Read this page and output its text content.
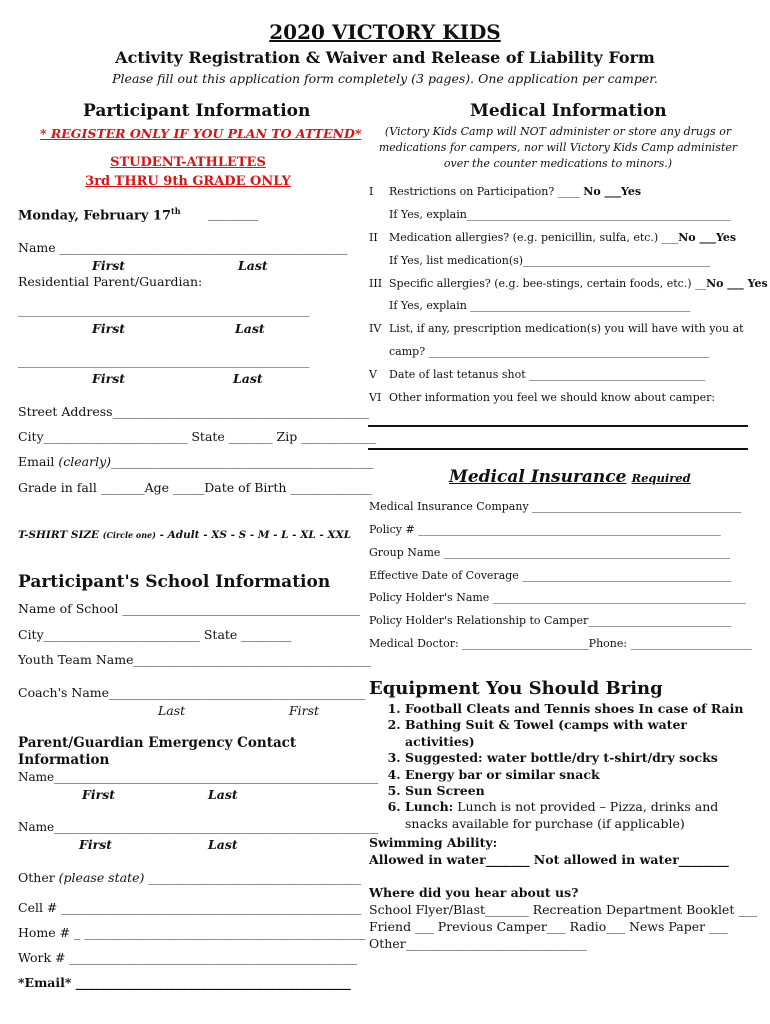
2020 VICTORY KIDS
Activity Registration & Waiver and Release of Liability Form
Please fill out this application form completely (3 pages). One application per camper.
Participant Information
* REGISTER ONLY IF YOU PLAN TO ATTEND*
STUDENT-ATHLETES
3rd THRU 9th GRADE ONLY
Monday, February 17th ________
Name ______________________________________________
First	Last
Residential Parent/Guardian:
_____________________________________________________
First	Last
_____________________________________________________
First	Last
Street Address_________________________________________
City_______________________ State _______ Zip ____________
Email (clearly)__________________________________________
Grade in fall _______Age _____Date of Birth _____________
T-SHIRT SIZE (Circle one) - Adult - XS - S - M - L - XL - XXL
Participant's School Information
Name of School ______________________________________
City_________________________ State ________
Youth Team Name______________________________________
Coach's Name_________________________________________
Last	First
Parent/Guardian Emergency Contact
Information
Name______________________________________________________
First	Last
Name______________________________________________________
First	Last
Other (please state) __________________________________
Cell # ________________________________________________
Home # _ _____________________________________________
Work # ______________________________________________
*Email* ____________________________________________
Medical Information
(Victory Kids Camp will NOT administer or store any drugs or medications for campers, nor will Victory Kids Camp administer over the counter medications to minors.)
I Restrictions on Participation? ____ No ___Yes
If Yes, explain________________________________________________
II Medication allergies? (e.g. penicillin, sulfa, etc.) ___No ___Yes
If Yes, list medication(s)__________________________________
III Specific allergies? (e.g. bee-stings, certain foods, etc.) __No ___ Yes
If Yes, explain ________________________________________
IV List, if any, prescription medication(s) you will have with you at
camp? ___________________________________________________
V Date of last tetanus shot ________________________________
VI Other information you feel we should know about camper:
Medical Insurance Required
Medical Insurance Company ______________________________________
Policy # _______________________________________________________
Group Name ____________________________________________________
Effective Date of Coverage ______________________________________
Policy Holder's Name ______________________________________________
Policy Holder's Relationship to Camper__________________________
Medical Doctor: _______________________Phone: ______________________
Equipment You Should Bring
1. Football Cleats and Tennis shoes In case of Rain
2. Bathing Suit & Towel (camps with water activities)
3. Suggested: water bottle/dry t-shirt/dry socks
4. Energy bar or similar snack
5. Sun Screen
6. Lunch: Lunch is not provided – Pizza, drinks and snacks available for purchase (if applicable)
Swimming Ability:
Allowed in water_______ Not allowed in water________
Where did you hear about us?
School Flyer/Blast_______ Recreation Department Booklet ___
Friend ___ Previous Camper___ Radio___ News Paper ___
Other_____________________________
